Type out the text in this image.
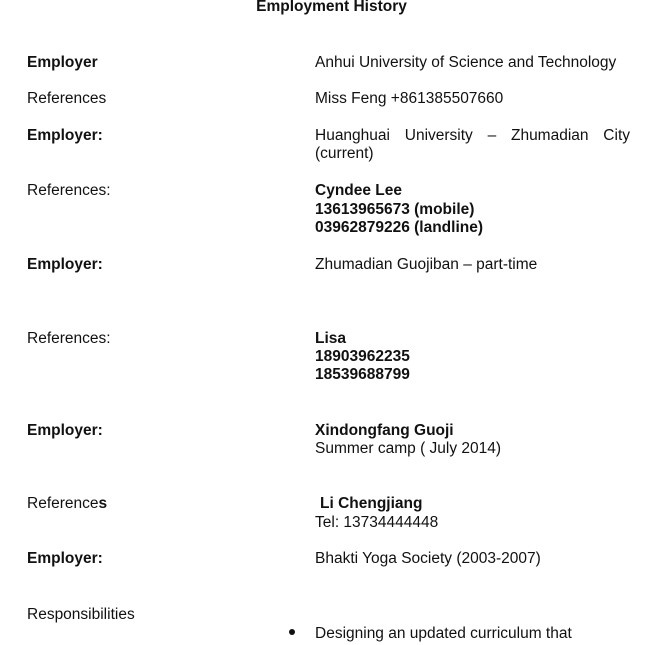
Employment History
Employer	Anhui University of Science and Technology
References	Miss Feng +861385507660
Employer:	Huanghuai University – Zhumadian City (current)
References:	Cyndee Lee
13613965673 (mobile)
03962879226 (landline)
Employer:	Zhumadian Guojiban – part-time
References:	Lisa
18903962235
18539688799
Employer:	Xindongfang Guoji
Summer camp ( July 2014)
References	Li Chengjiang
Tel: 13734444448
Employer:	Bhakti Yoga Society (2003-2007)
Responsibilities
Designing an updated curriculum that
